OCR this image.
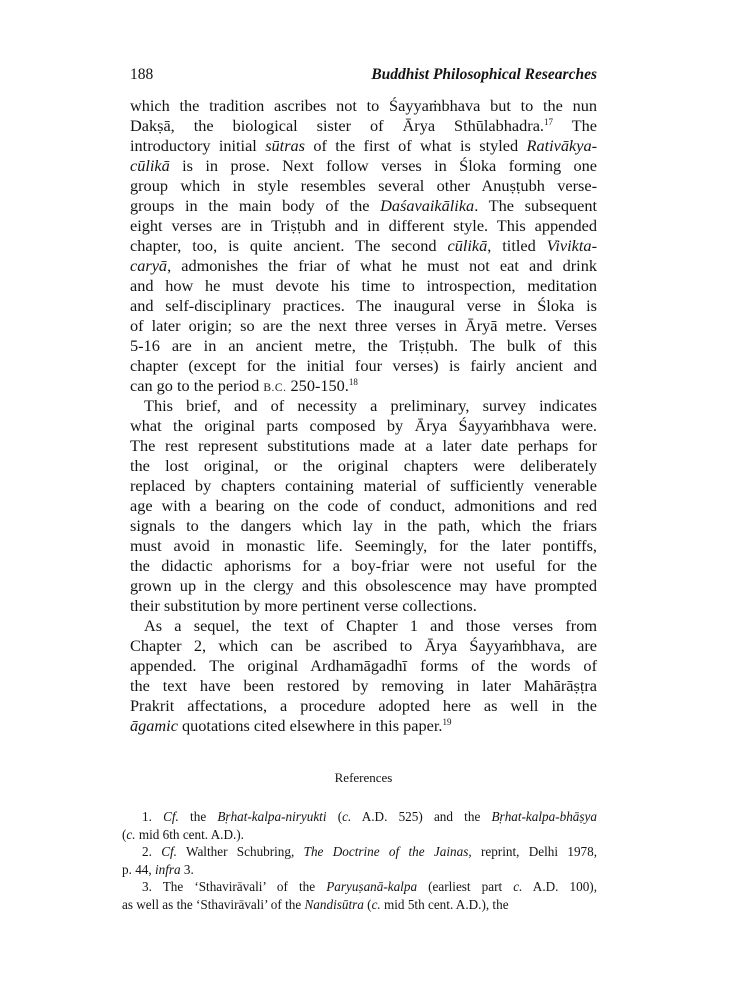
188	Buddhist Philosophical Researches
which the tradition ascribes not to Śayyaṁbhava but to the nun
Dakṣā, the biological sister of Ārya Sthūlabhadra.$^{17}$ The
introductory initial sūtras of the first of what is styled Rativākya-
cūlikā is in prose. Next follow verses in Śloka forming one
group which in style resembles several other Anuṣṭubh verse-
groups in the main body of the Daśavaikālika. The subsequent
eight verses are in Triṣṭubh and in different style. This appended
chapter, too, is quite ancient. The second cūlikā, titled Vivikta-
caryā, admonishes the friar of what he must not eat and drink
and how he must devote his time to introspection, meditation
and self-disciplinary practices. The inaugural verse in Śloka is
of later origin; so are the next three verses in Āryā metre. Verses
5-16 are in an ancient metre, the Triṣṭubh. The bulk of this
chapter (except for the initial four verses) is fairly ancient and
can go to the period B.C. 250-150.18
This brief, and of necessity a preliminary, survey indicates
what the original parts composed by Ārya Śayyaṁbhava were.
The rest represent substitutions made at a later date perhaps for
the lost original, or the original chapters were deliberately
replaced by chapters containing material of sufficiently venerable
age with a bearing on the code of conduct, admonitions and red
signals to the dangers which lay in the path, which the friars
must avoid in monastic life. Seemingly, for the later pontiffs,
the didactic aphorisms for a boy-friar were not useful for the
grown up in the clergy and this obsolescence may have prompted
their substitution by more pertinent verse collections.
As a sequel, the text of Chapter 1 and those verses from
Chapter 2, which can be ascribed to Ārya Śayyaṁbhava, are
appended. The original Ardhamāgadhī forms of the words of
the text have been restored by removing in later Mahārāṣṭra
Prakrit affectations, a procedure adopted here as well in the
āgamic quotations cited elsewhere in this paper.$^{19}$
References
1. Cf. the Bṛhat-kalpa-niryukti (c. A.D. 525) and the Bṛhat-kalpa-bhāṣya
(c. mid 6th cent. A.D.).
2. Cf. Walther Schubring, The Doctrine of the Jainas, reprint, Delhi 1978,
p. 44, infra 3.
3. The ‘Sthavirāvali’ of the Paryuṣanā-kalpa (earliest part c. A.D. 100),
as well as the ‘Sthavirāvali’ of the Nandisūtra (c. mid 5th cent. A.D.), the
